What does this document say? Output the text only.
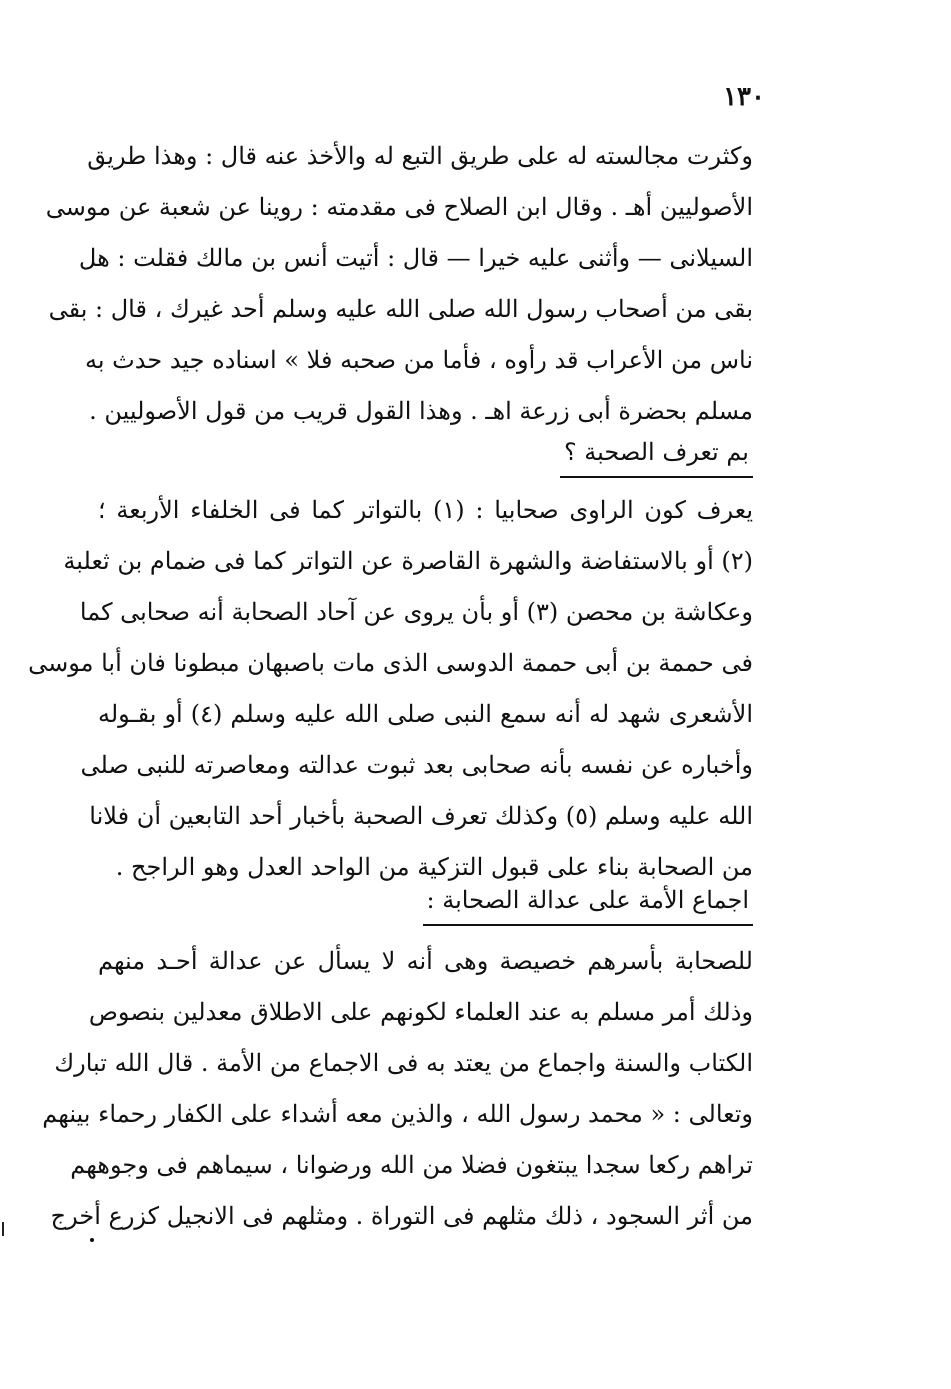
١٣٠
وكثرت مجالسته له على طريق التبع له والأخذ عنه قال : وهذا طريق
الأصوليين أهـ . وقال ابن الصلاح فى مقدمته : روينا عن شعبة عن موسى
السيلانى — وأثنى عليه خيرا — قال : أتيت أنس بن مالك فقلت : هل
بقى من أصحاب رسول الله صلى الله عليه وسلم أحد غيرك ، قال : بقى
ناس من الأعراب قد رأوه ، فأما من صحبه فلا » اسناده جيد حدث به
مسلم بحضرة أبى زرعة اهـ . وهذا القول قريب من قول الأصوليين .
بم تعرف الصحبة ؟
يعرف كون الراوى صحابيا : (١) بالتواتر كما فى الخلفاء الأربعة ؛
(٢) أو بالاستفاضة والشهرة القاصرة عن التواتر كما فى ضمام بن ثعلبة
وعكاشة بن محصن (٣) أو بأن يروى عن آحاد الصحابة أنه صحابى كما
فى حممة بن أبى حممة الدوسى الذى مات باصبهان مبطونا فان أبا موسى
الأشعرى شهد له أنه سمع النبى صلى الله عليه وسلم (٤) أو بقـوله
وأخباره عن نفسه بأنه صحابى بعد ثبوت عدالته ومعاصرته للنبى صلى
الله عليه وسلم (٥) وكذلك تعرف الصحبة بأخبار أحد التابعين أن فلانا
من الصحابة بناء على قبول التزكية من الواحد العدل وهو الراجح .
اجماع الأمة على عدالة الصحابة :
للصحابة بأسرهم خصيصة وهى أنه لا يسأل عن عدالة أحـد منهم
وذلك أمر مسلم به عند العلماء لكونهم على الاطلاق معدلين بنصوص
الكتاب والسنة واجماع من يعتد به فى الاجماع من الأمة . قال الله تبارك
وتعالى : « محمد رسول الله ، والذين معه أشداء على الكفار رحماء بينهم
تراهم ركعا سجدا يبتغون فضلا من الله ورضوانا ، سيماهم فى وجوههم
من أثر السجود ، ذلك مثلهم فى التوراة . ومثلهم فى الانجيل كزرع أخرج
